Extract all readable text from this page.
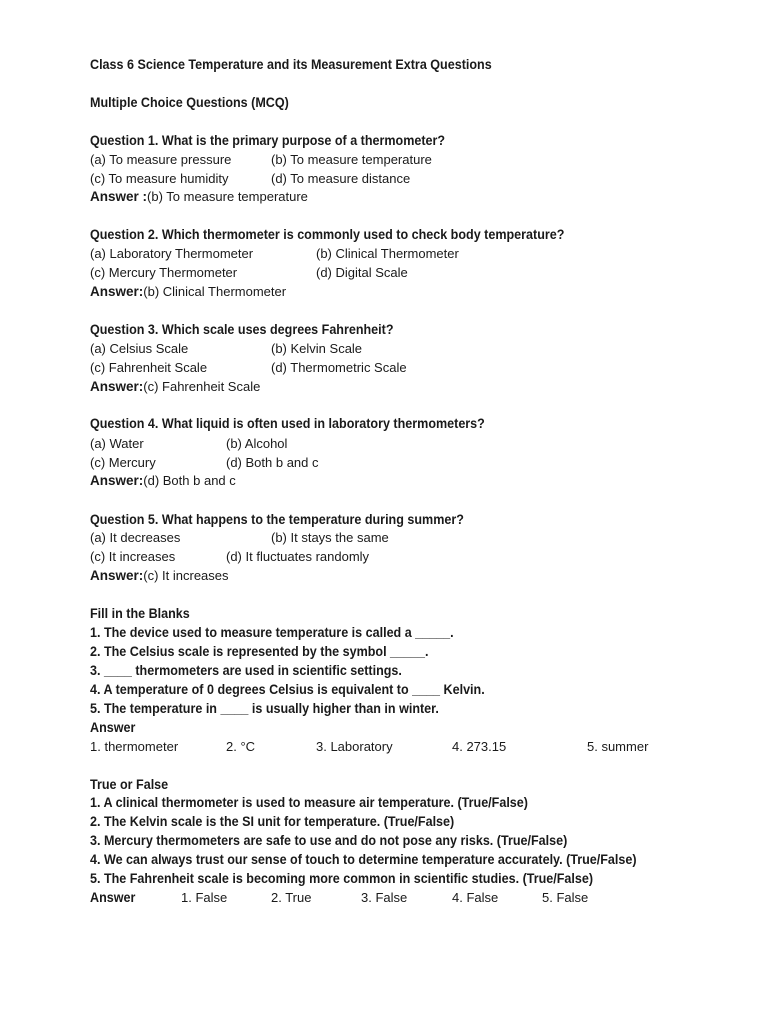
Class 6 Science Temperature and its Measurement Extra Questions
Multiple Choice Questions (MCQ)
Question 1. What is the primary purpose of a thermometer?
(a) To measure pressure	(b) To measure temperature
(c) To measure humidity	(d) To measure distance
Answer :(b) To measure temperature
Question 2. Which thermometer is commonly used to check body temperature?
(a) Laboratory Thermometer	(b) Clinical Thermometer
(c) Mercury Thermometer	(d) Digital Scale
Answer:(b) Clinical Thermometer
Question 3. Which scale uses degrees Fahrenheit?
(a) Celsius Scale	(b) Kelvin Scale
(c) Fahrenheit Scale	(d) Thermometric Scale
Answer:(c) Fahrenheit Scale
Question 4. What liquid is often used in laboratory thermometers?
(a) Water	(b) Alcohol
(c) Mercury	(d) Both b and c
Answer:(d) Both b and c
Question 5. What happens to the temperature during summer?
(a) It decreases	(b) It stays the same
(c) It increases	(d) It fluctuates randomly
Answer:(c) It increases
Fill in the Blanks
1. The device used to measure temperature is called a _____.
2. The Celsius scale is represented by the symbol _____.
3. ____ thermometers are used in scientific settings.
4. A temperature of 0 degrees Celsius is equivalent to ____ Kelvin.
5. The temperature in ____ is usually higher than in winter.
Answer
1. thermometer	2. °C	3. Laboratory	4. 273.15	5. summer
True or False
1. A clinical thermometer is used to measure air temperature. (True/False)
2. The Kelvin scale is the SI unit for temperature. (True/False)
3. Mercury thermometers are safe to use and do not pose any risks. (True/False)
4. We can always trust our sense of touch to determine temperature accurately. (True/False)
5. The Fahrenheit scale is becoming more common in scientific studies. (True/False)
Answer	1. False	2. True	3. False	4. False	5. False
